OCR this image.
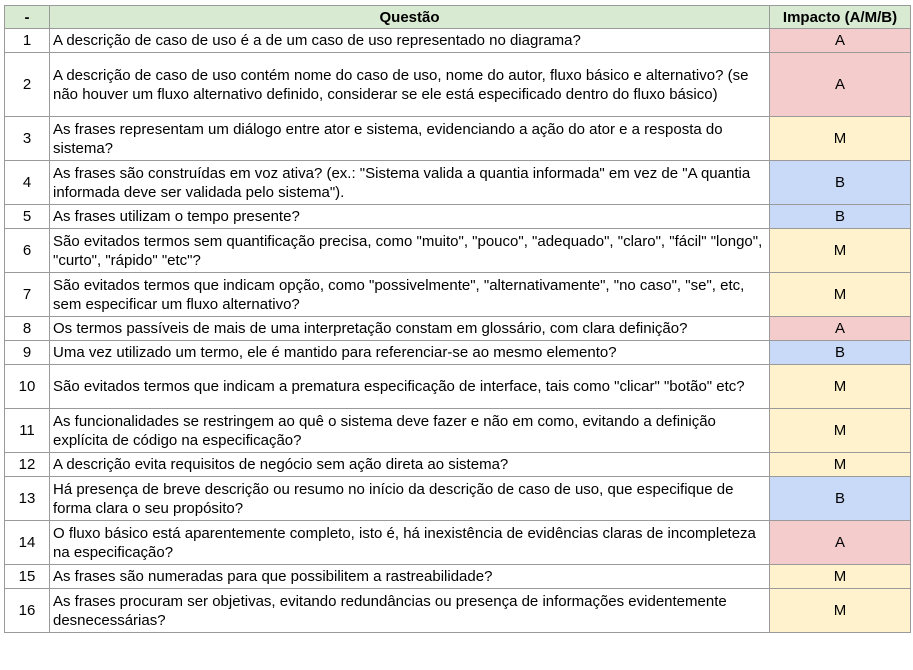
-	Questão	Impacto (A/M/B)
1	A descrição de caso de uso é a de um caso de uso representado no diagrama?	A
2	A descrição de caso de uso contém nome do caso de uso, nome do autor, fluxo básico e alternativo? (se não houver um fluxo alternativo definido, considerar se ele está especificado dentro do fluxo básico)	A
3	As frases representam um diálogo entre ator e sistema, evidenciando a ação do ator e a resposta do sistema?	M
4	As frases são construídas em voz ativa? (ex.: "Sistema valida a quantia informada" em vez de "A quantia informada deve ser validada pelo sistema").	B
5	As frases utilizam o tempo presente?	B
6	São evitados termos sem quantificação precisa, como "muito", "pouco", "adequado", "claro", "fácil" "longo", "curto", "rápido" "etc"?	M
7	São evitados termos que indicam opção, como "possivelmente", "alternativamente", "no caso", "se", etc, sem especificar um fluxo alternativo?	M
8	Os termos passíveis de mais de uma interpretação constam em glossário, com clara definição?	A
9	Uma vez utilizado um termo, ele é mantido para referenciar-se ao mesmo elemento?	B
10	São evitados termos que indicam a prematura especificação de interface, tais como "clicar" "botão" etc?	M
11	As funcionalidades se restringem ao quê o sistema deve fazer e não em como, evitando a definição explícita de código na especificação?	M
12	A descrição evita requisitos de negócio sem ação direta ao sistema?	M
13	Há presença de breve descrição ou resumo no início da descrição de caso de uso, que especifique de forma clara o seu propósito?	B
14	O fluxo básico está aparentemente completo, isto é, há inexistência de evidências claras de incompleteza na especificação?	A
15	As frases são numeradas para que possibilitem a rastreabilidade?	M
16	As frases procuram ser objetivas, evitando redundâncias ou presença de informações evidentemente desnecessárias?	M
